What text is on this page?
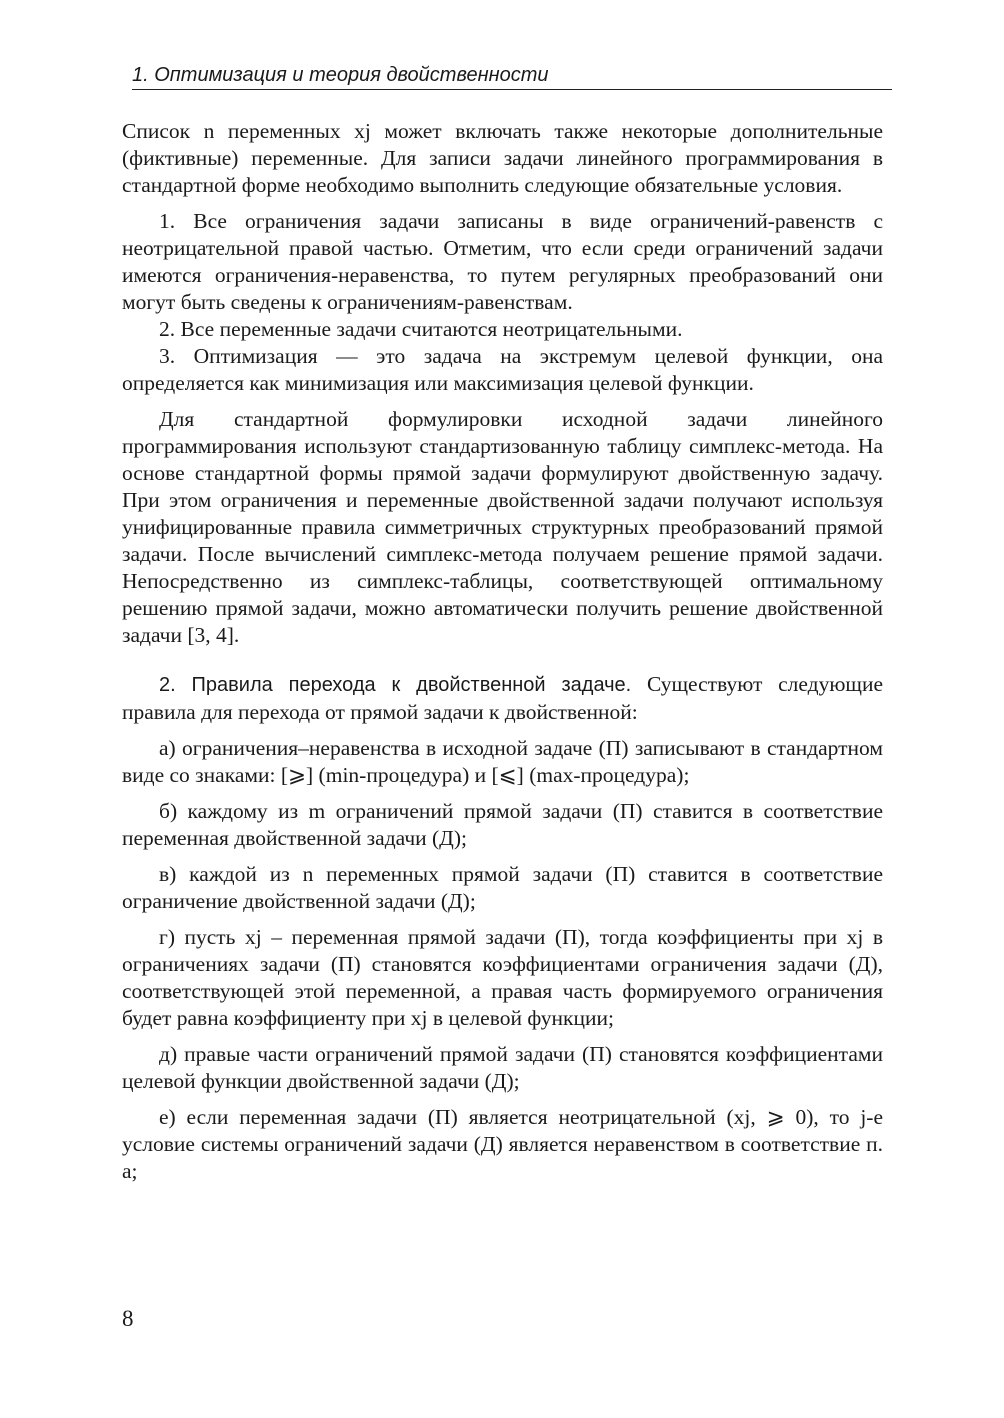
1. Оптимизация и теория двойственности

Список n переменных xj может включать также некоторые дополнительные (фиктивные) переменные. Для записи задачи линейного программирования в стандартной форме необходимо выполнить следующие обязательные условия.

1. Все ограничения задачи записаны в виде ограничений-равенств с неотрицательной правой частью. Отметим, что если среди ограничений задачи имеются ограничения-неравенства, то путем регулярных преобразований они могут быть сведены к ограничениям-равенствам.

2. Все переменные задачи считаются неотрицательными.

3. Оптимизация — это задача на экстремум целевой функции, она определяется как минимизация или максимизация целевой функции.

Для стандартной формулировки исходной задачи линейного программирования используют стандартизованную таблицу симплекс-метода. На основе стандартной формы прямой задачи формулируют двойственную задачу. При этом ограничения и переменные двойственной задачи получают используя унифицированные правила симметричных структурных преобразований прямой задачи. После вычислений симплекс-метода получаем решение прямой задачи. Непосредственно из симплекс-таблицы, соответствующей оптимальному решению прямой задачи, можно автоматически получить решение двойственной задачи [3, 4].

2. Правила перехода к двойственной задаче. Существуют следующие правила для перехода от прямой задачи к двойственной:

а) ограничения–неравенства в исходной задаче (П) записывают в стандартном виде со знаками: [⩾] (min-процедура) и [⩽] (max-процедура);

б) каждому из m ограничений прямой задачи (П) ставится в соответствие переменная двойственной задачи (Д);

в) каждой из n переменных прямой задачи (П) ставится в соответствие ограничение двойственной задачи (Д);

г) пусть xj – переменная прямой задачи (П), тогда коэффициенты при xj в ограничениях задачи (П) становятся коэффициентами ограничения задачи (Д), соответствующей этой переменной, а правая часть формируемого ограничения будет равна коэффициенту при xj в целевой функции;

д) правые части ограничений прямой задачи (П) становятся коэффициентами целевой функции двойственной задачи (Д);

е) если переменная задачи (П) является неотрицательной (xj, ⩾ 0), то j-е условие системы ограничений задачи (Д) является неравенством в соответствие п. а;

8
